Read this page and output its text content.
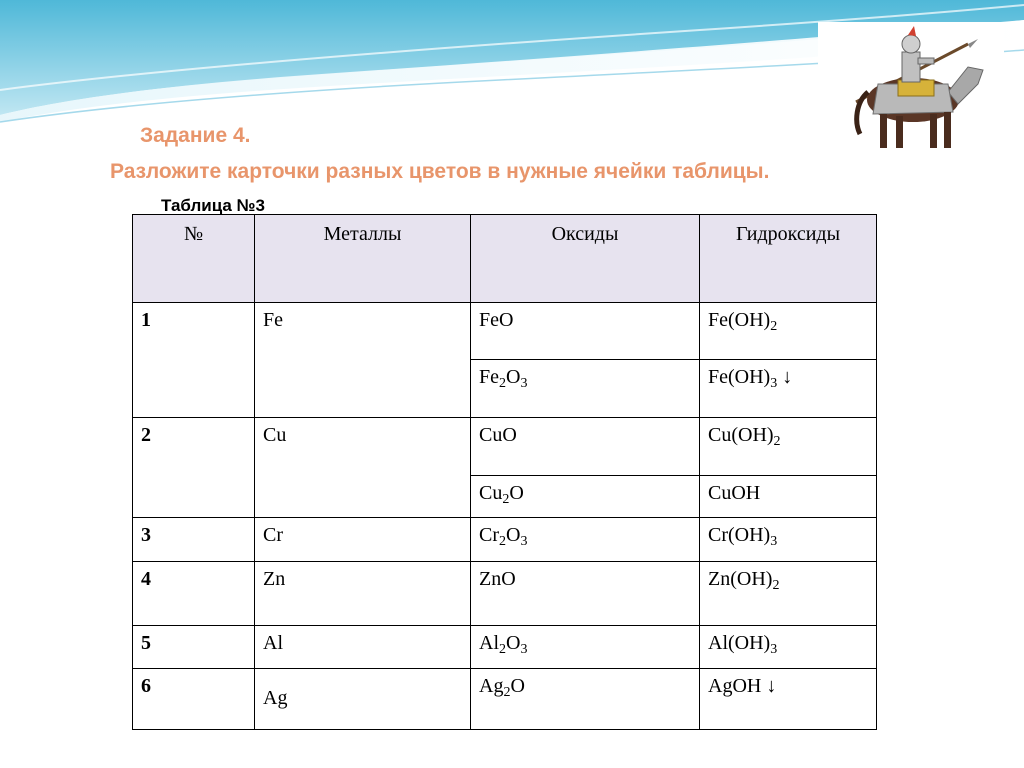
Задание 4.
Разложите карточки разных цветов в нужные ячейки таблицы.
Таблица №3
№	Металлы	Оксиды	Гидроксиды
1	Fe	FeO	$Fe(OH)_2$
		$Fe_2O_3$	$Fe(OH)_3$ ↓
2	Cu	CuO	$Cu(OH)_2$
		$Cu_2O$	CuOH
3	Cr	$Cr_2O_3$	$Cr(OH)_3$
4	Zn	ZnO	$Zn(OH)_2$
5	Al	$Al_2O_3$	$Al(OH)_3$
6	Ag	$Ag_2O$	AgOH ↓
